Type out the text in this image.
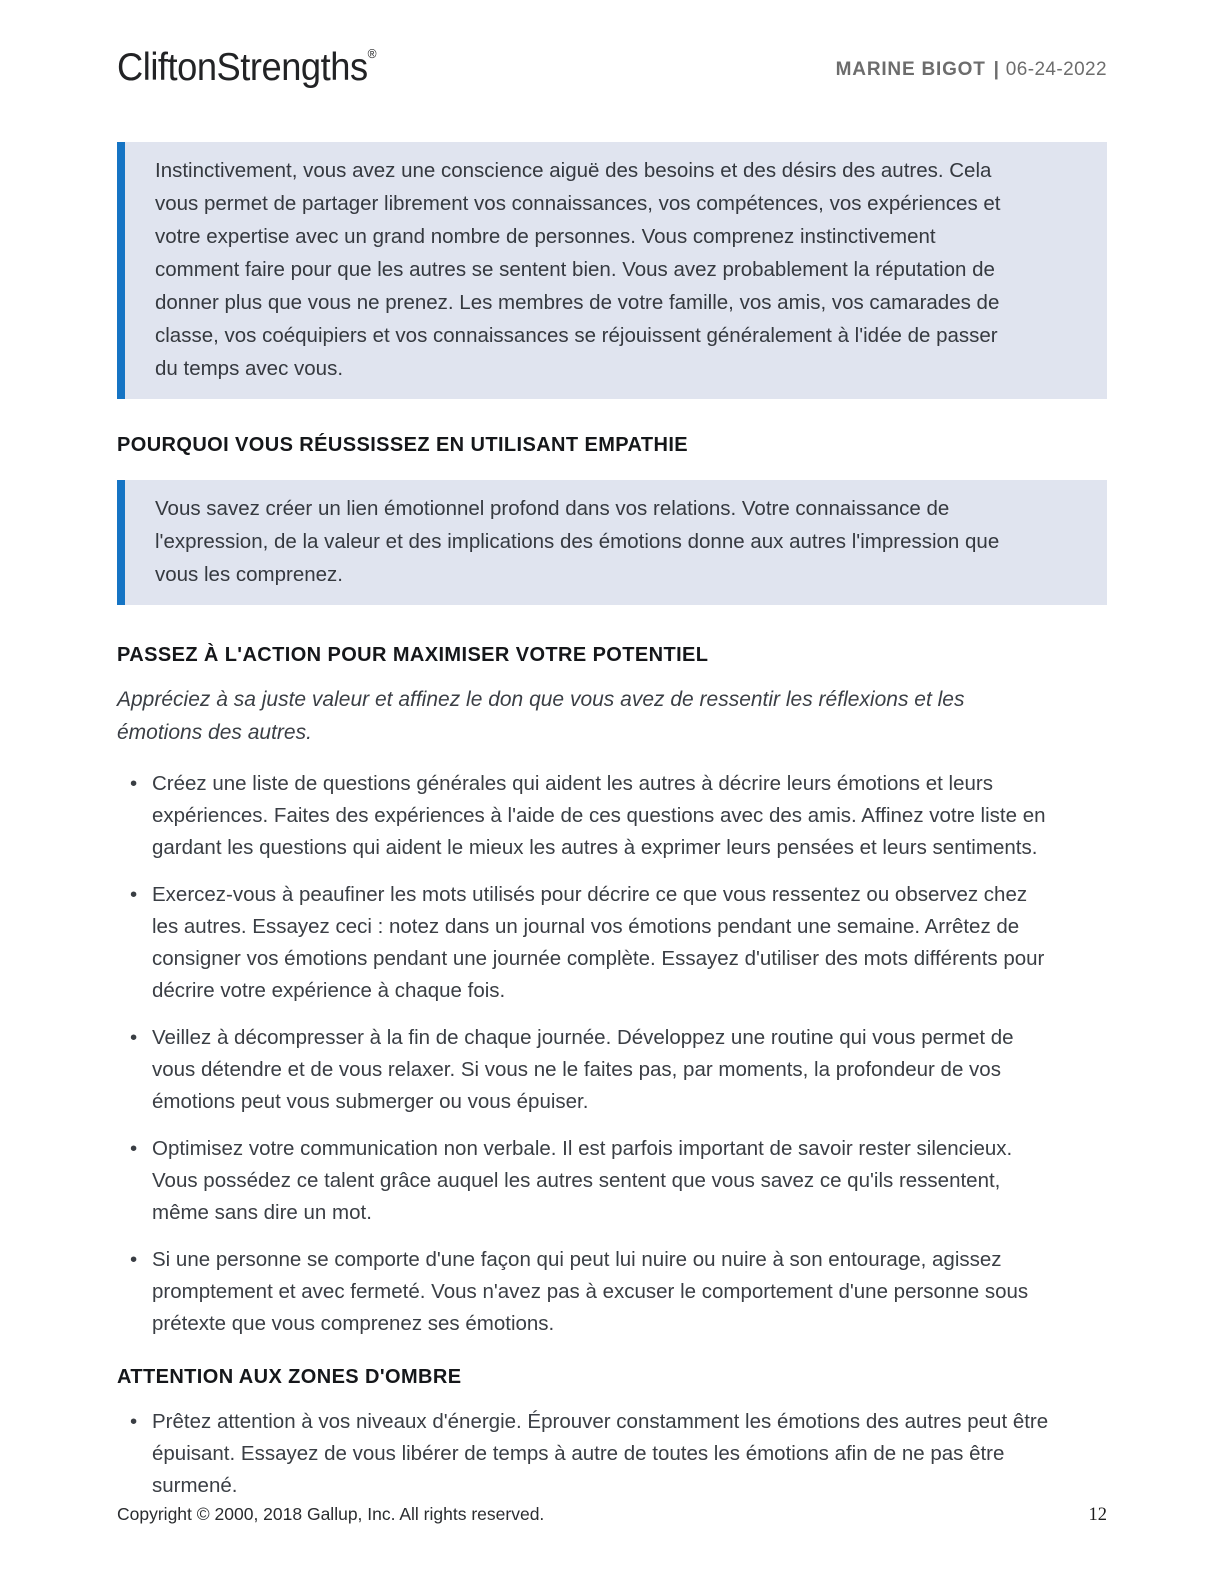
CliftonStrengths®
MARINE BIGOT | 06-24-2022

Instinctivement, vous avez une conscience aiguë des besoins et des désirs des autres. Cela vous permet de partager librement vos connaissances, vos compétences, vos expériences et votre expertise avec un grand nombre de personnes. Vous comprenez instinctivement comment faire pour que les autres se sentent bien. Vous avez probablement la réputation de donner plus que vous ne prenez. Les membres de votre famille, vos amis, vos camarades de classe, vos coéquipiers et vos connaissances se réjouissent généralement à l'idée de passer du temps avec vous.

POURQUOI VOUS RÉUSSISSEZ EN UTILISANT EMPATHIE

Vous savez créer un lien émotionnel profond dans vos relations. Votre connaissance de l'expression, de la valeur et des implications des émotions donne aux autres l'impression que vous les comprenez.

PASSEZ À L'ACTION POUR MAXIMISER VOTRE POTENTIEL

Appréciez à sa juste valeur et affinez le don que vous avez de ressentir les réflexions et les émotions des autres.

• Créez une liste de questions générales qui aident les autres à décrire leurs émotions et leurs expériences. Faites des expériences à l'aide de ces questions avec des amis. Affinez votre liste en gardant les questions qui aident le mieux les autres à exprimer leurs pensées et leurs sentiments.
• Exercez-vous à peaufiner les mots utilisés pour décrire ce que vous ressentez ou observez chez les autres. Essayez ceci : notez dans un journal vos émotions pendant une semaine. Arrêtez de consigner vos émotions pendant une journée complète. Essayez d'utiliser des mots différents pour décrire votre expérience à chaque fois.
• Veillez à décompresser à la fin de chaque journée. Développez une routine qui vous permet de vous détendre et de vous relaxer. Si vous ne le faites pas, par moments, la profondeur de vos émotions peut vous submerger ou vous épuiser.
• Optimisez votre communication non verbale. Il est parfois important de savoir rester silencieux. Vous possédez ce talent grâce auquel les autres sentent que vous savez ce qu'ils ressentent, même sans dire un mot.
• Si une personne se comporte d'une façon qui peut lui nuire ou nuire à son entourage, agissez promptement et avec fermeté. Vous n'avez pas à excuser le comportement d'une personne sous prétexte que vous comprenez ses émotions.
ATTENTION AUX ZONES D'OMBRE
• Prêtez attention à vos niveaux d'énergie. Éprouver constamment les émotions des autres peut être épuisant. Essayez de vous libérer de temps à autre de toutes les émotions afin de ne pas être surmené.
Copyright © 2000, 2018 Gallup, Inc. All rights reserved.	12
